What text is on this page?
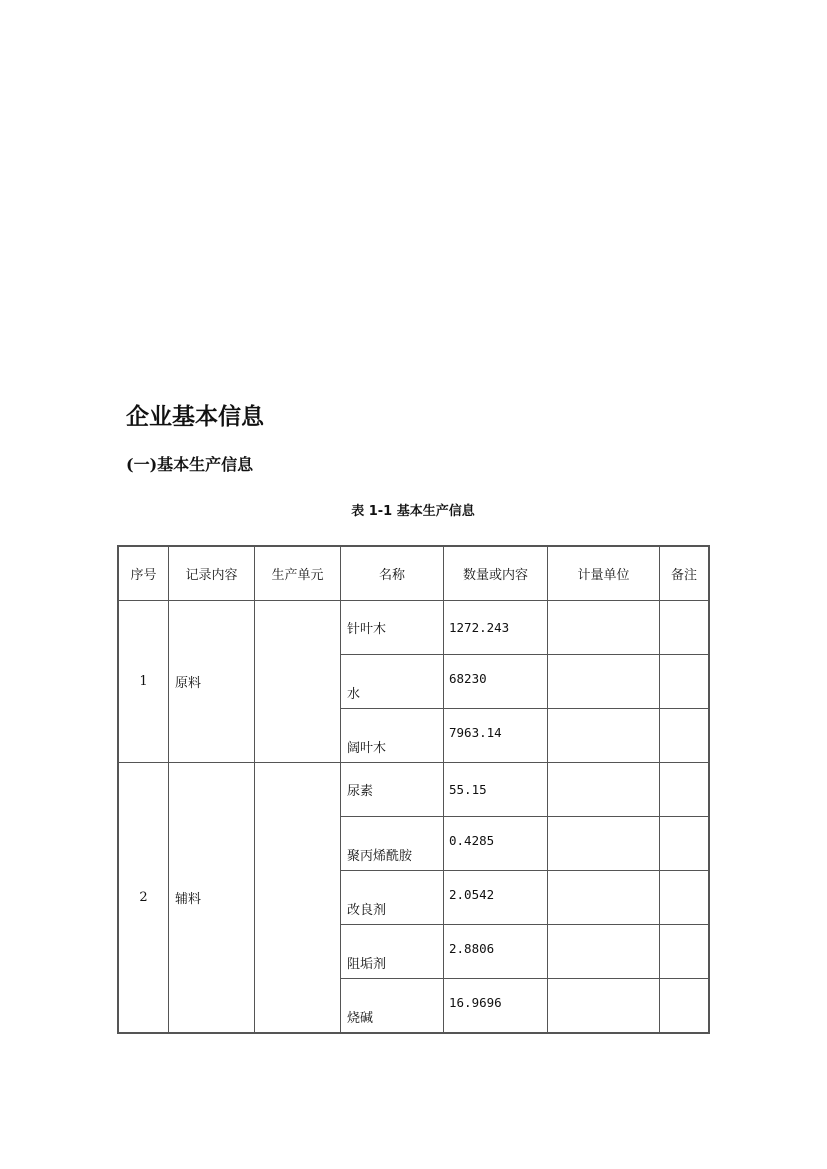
企业基本信息
(一)基本生产信息
表 1-1 基本生产信息
序号	记录内容	生产单元	名称	数量或内容	计量单位	备注
1	原料		针叶木	1272.243		
			水	68230		
			阔叶木	7963.14		
2	辅料		尿素	55.15		
			聚丙烯酰胺	0.4285		
			改良剂	2.0542		
			阻垢剂	2.8806		
			烧碱	16.9696		
